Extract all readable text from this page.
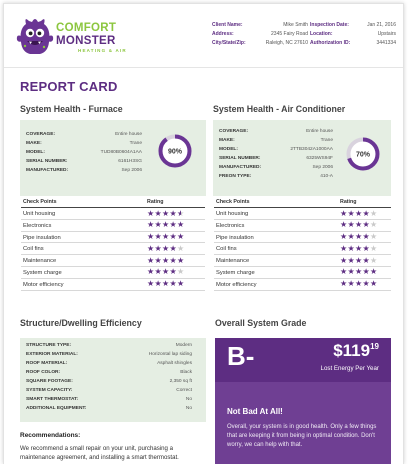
COMFORT
MONSTER
HEATING & AIR
Client Name:	Mike Smith
Address:	2345 Fairy Road
City/State/Zip:	Raleigh, NC 27610
Inspection Date:	Jan 21, 2016
Location:	Upstairs
Authorization ID:	3441334
REPORT CARD
System Health - Furnace
COVERAGE:	Entire house
MAKE:	Trane
MODEL:	TUD80B0604A1AA
SERIAL NUMBER:	6161H3SG
MANUFACTURED:	Sep 2006
90%
Check Points	Rating
Unit housing	★★★★★ ★
Electronics	★★★★★
Pipe insulation	★★★★★
Coil fins	★★★★★
Maintenance	★★★★★
System charge	★★★★★
Motor efficiency	★★★★★
System Health - Air Conditioner
COVERAGE:	Entire house
MAKE:	Trane
MODEL:	2TTB3042A1000AA
SERIAL NUMBER:	6325WS94F
MANUFACTURED:	Sep 2006
FREON TYPE:	410-A
70%
Check Points	Rating
Unit housing	★★★★★
Electronics	★★★★★
Pipe insulation	★★★★★
Coil fins	★★★★★
Maintenance	★★★★★
System charge	★★★★★
Motor efficiency	★★★★★
Structure/Dwelling Efficiency
STRUCTURE TYPE:	Modern
EXTERIOR MATERIAL:	Horizontal lap siding
ROOF MATERIAL:	Asphalt shingles
ROOF COLOR:	Black
SQUARE FOOTAGE:	2,350 sq ft
SYSTEM CAPACITY:	Correct
SMART THERMOSTAT:	No
ADDITIONAL EQUIPMENT:	No
Recommendations:
We recommend a small repair on your unit, purchasing a maintenance agreement, and installing a smart thermostat.
Overall System Grade
B-	$\$119^{19}$
Lost Energy Per Year
Not Bad At All!
Overall, your system is in good health. Only a few things that are keeping it from being in optimal condition. Don't worry, we can help with that.
